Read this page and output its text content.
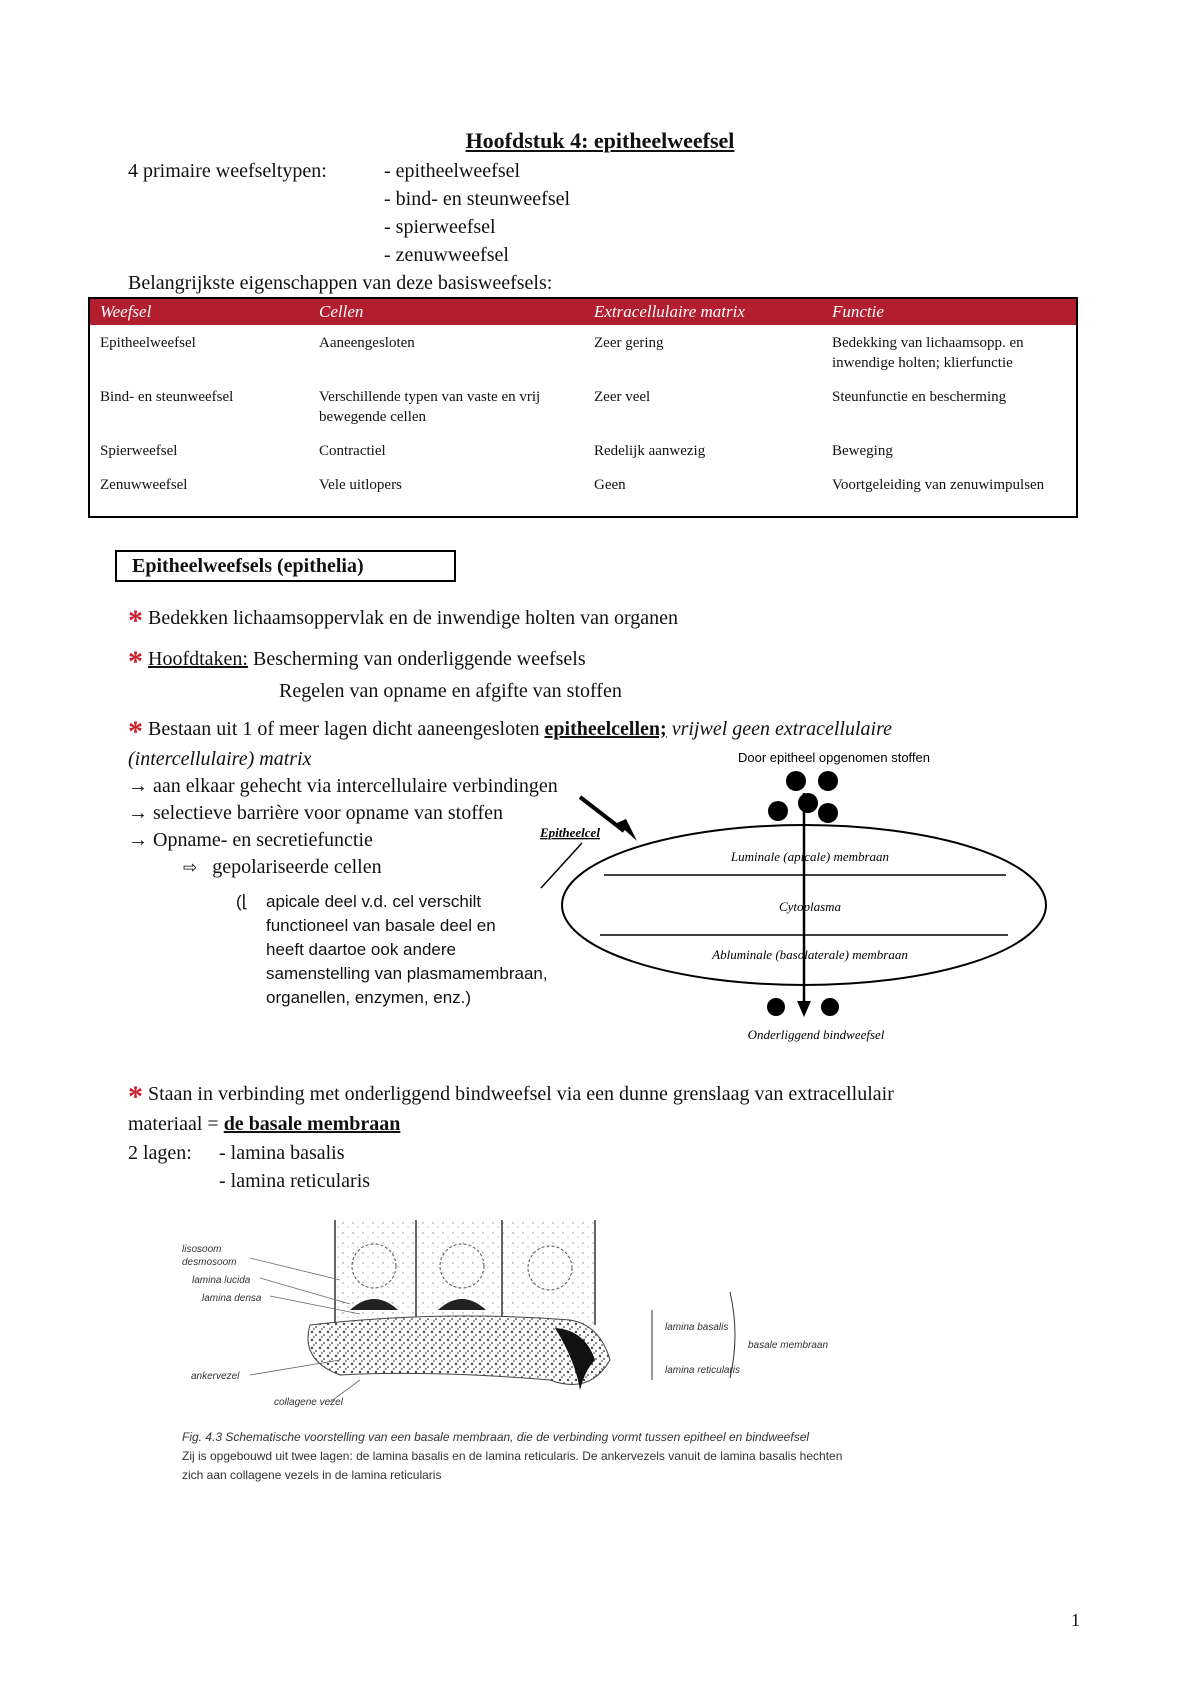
Hoofdstuk 4: epitheelweefsel
4 primaire weefseltypen:	- epitheelweefsel
- bind- en steunweefsel
- spierweefsel
- zenuwweefsel
Belangrijkste eigenschappen van deze basisweefsels:
Weefsel	Cellen	Extracellulaire matrix	Functie
Epitheelweefsel	Aaneengesloten	Zeer gering	Bedekking van lichaamsopp. en inwendige holten; klierfunctie
Bind- en steunweefsel	Verschillende typen van vaste en vrij bewegende cellen	Zeer veel	Steunfunctie en bescherming
Spierweefsel	Contractiel	Redelijk aanwezig	Beweging
Zenuwweefsel	Vele uitlopers	Geen	Voortgeleiding van zenuwimpulsen
Epitheelweefsels (epithelia)
* Bedekken lichaamsoppervlak en de inwendige holten van organen
* Hoofdtaken: Bescherming van onderliggende weefsels
Regelen van opname en afgifte van stoffen
* Bestaan uit 1 of meer lagen dicht aaneengesloten epitheelcellen; vrijwel geen extracellulaire
(intercellulaire) matrix
→ aan elkaar gehecht via intercellulaire verbindingen
→ selectieve barrière voor opname van stoffen
→ Opname- en secretiefunctie
⇨ gepolariseerde cellen
(⌊ apicale deel v.d. cel verschilt
functioneel van basale deel en
heeft daartoe ook andere
samenstelling van plasmamembraan,
organellen, enzymen, enz.)
Door epitheel opgenomen stoffen
Luminale (apicale) membraan
Cytoplasma
Abluminale (basolaterale) membraan
Epitheelcel
Onderliggend bindweefsel
* Staan in verbinding met onderliggend bindweefsel via een dunne grenslaag van extracellulair
materiaal = de basale membraan
2 lagen: - lamina basalis
- lamina reticularis
lisosoom
desmosoom
lamina lucida
lamina densa
ankervezel
collagene vezel
lamina basalis
lamina reticularis
basale membraan
Fig. 4.3 Schematische voorstelling van een basale membraan, die de verbinding vormt tussen epitheel en bindweefsel
Zij is opgebouwd uit twee lagen: de lamina basalis en de lamina reticularis. De ankervezels vanuit de lamina basalis hechten
zich aan collagene vezels in de lamina reticularis
1
